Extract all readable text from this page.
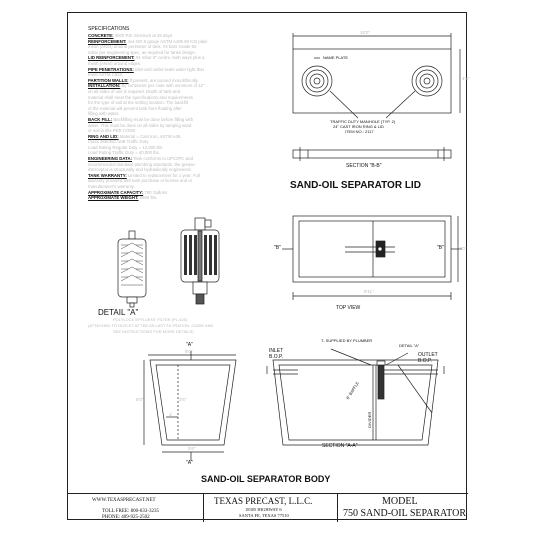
SPECIFICATIONS
CONCRETE: 4000 PSI minimum at 28 days.
REINFORCEMENT: 4x4-W2.9 gauge ASTM A185 60 KSI plain
mesh (ANSI) around perimeter of tank. #4 bars Grade 60
rebar per engineering spec, as required for tanks design.
LID REINFORCEMENT: #4 rebar 8" centre, both ways plus a
mesh (ANSI) around edges.
PIPE PENETRATIONS: Inlet and outlet seals water tight that
meet ASTM C923.
PARTITION WALLS: If present, are poured monolithically.
INSTALLATION: By contractor per code with minimum of 12"
on all sides of unit is required. Depth of tank and
material shall meet the specifications and requirements
for the type of soil at the setting location. The backfill
of the material will prevent tank from floating after
filling with water.
BACK FILL: Backfilling must be done before filling with
water. This must be done on all sides by tamping sand
or soil in lifts PER CODE.
RING AND LID: Material = Cast Iron, ASTM A48,
Class 35B/35C/15B Traffic Duty
Load Rating Regular Duty = 12,000 lbs.
Load Rating Traffic Duty = 40,000 lbs.
ENGINEERING DATA: Tank conforms to UPC/IPC and
recommended standard plumbing standards, the grease
interceptor is structurally and hydraulically engineered.
TANK WARRANTY: Limited to replacement for 1 year. Full
warranty provided with tank purchase or license and or
manufacturer's warranty.
APPROXIMATE CAPACITY: 750 Gallons
APPROXIMATE WEIGHT: 8500 lbs.
DETAIL "A"
POLYLOCK EFFLUENT FILTER (PL-625)
(ATTACHED TO OUTLET AT TEE AS LAST FILTRATION. GUIDE AND
SEE INSTRUCTIONS FOR MORE DETAILS)
10'0"
4'8"
NAME PLATE
TRAFFIC DUTY MANHOLE (TYP. 2)
24" CAST IRON RING & LID
ITEM NO.: 2117
SECTION "B-B"
SAND-OIL SEPARATOR LID
"B"	"B"
9'11"
4'0"
TOP VIEW
"A"
"A"
8'0"
5'0"	3'6"
1'
5'6"
SAND-OIL SEPARATOR BODY
T- SUPPLIED BY PLUMBER
DETAIL "A"
INLET
B.O.P.	OUTLET
B.O.P.
8" BAFFLE
DIVIDER
SECTION "A-A"
WWW.TEXASPRECAST.NET
TOLL FREE: 800-633-3235
PHONE: 409-925-2502
TEXAS PRECAST, L.L.C.
18305 HIGHWAY 6
SANTA FE, TEXAS 77510
MODEL
750 SAND-OIL SEPARATOR
